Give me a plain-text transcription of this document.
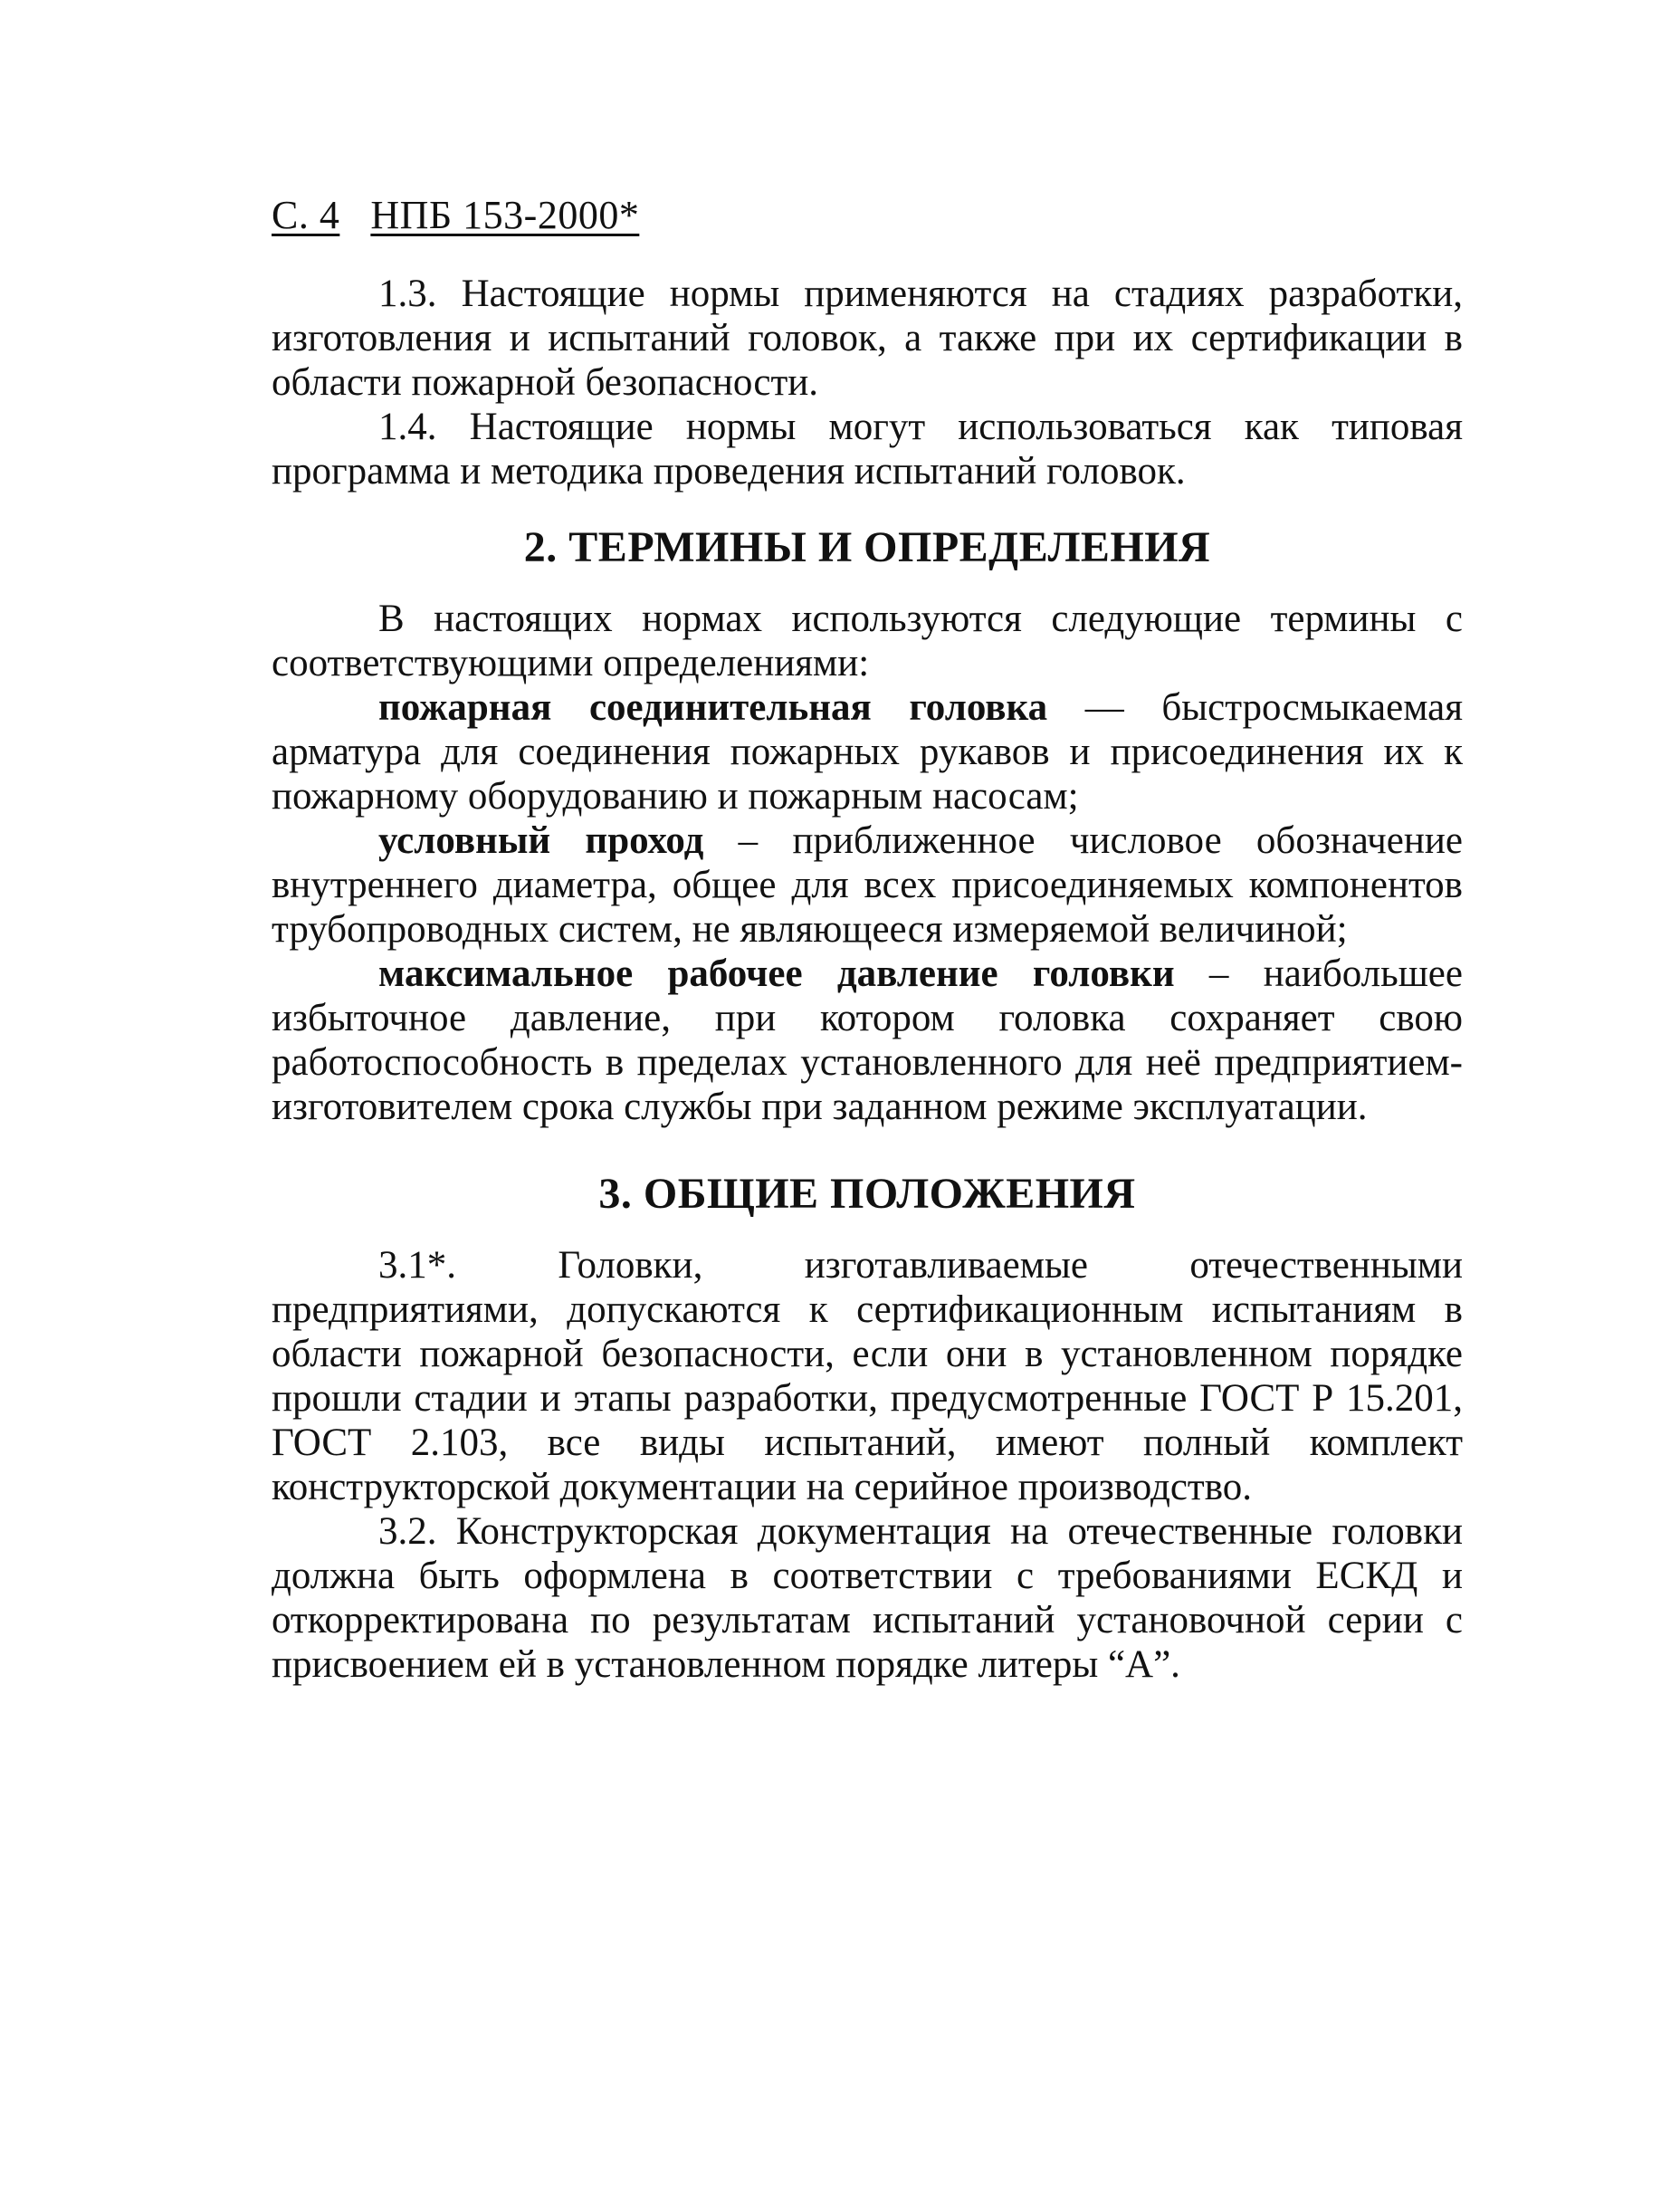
С. 4 НПБ 153-2000*

1.3. Настоящие нормы применяются на стадиях разработки, изготовления и испытаний головок, а также при их сертификации в области пожарной безопасности.

1.4. Настоящие нормы могут использоваться как типовая программа и методика проведения испытаний головок.

2. ТЕРМИНЫ И ОПРЕДЕЛЕНИЯ

В настоящих нормах используются следующие термины с соответствующими определениями:

пожарная соединительная головка — быстросмыкаемая арматура для соединения пожарных рукавов и присоединения их к пожарному оборудованию и пожарным насосам;

условный проход – приближенное числовое обозначение внутреннего диаметра, общее для всех присоединяемых компонентов трубопроводных систем, не являющееся измеряемой величиной;

максимальное рабочее давление головки – наибольшее избыточное давление, при котором головка сохраняет свою работоспособность в пределах установленного для неё предприятием-изготовителем срока службы при заданном режиме эксплуатации.

3. ОБЩИЕ ПОЛОЖЕНИЯ

3.1*. Головки, изготавливаемые отечественными предприятиями, допускаются к сертификационным испытаниям в области пожарной безопасности, если они в установленном порядке прошли стадии и этапы разработки, предусмотренные ГОСТ Р 15.201, ГОСТ 2.103, все виды испытаний, имеют полный комплект конструкторской документации на серийное производство.

3.2. Конструкторская документация на отечественные головки должна быть оформлена в соответствии с требованиями ЕСКД и откорректирована по результатам испытаний установочной серии с присвоением ей в установленном порядке литеры “А”.
